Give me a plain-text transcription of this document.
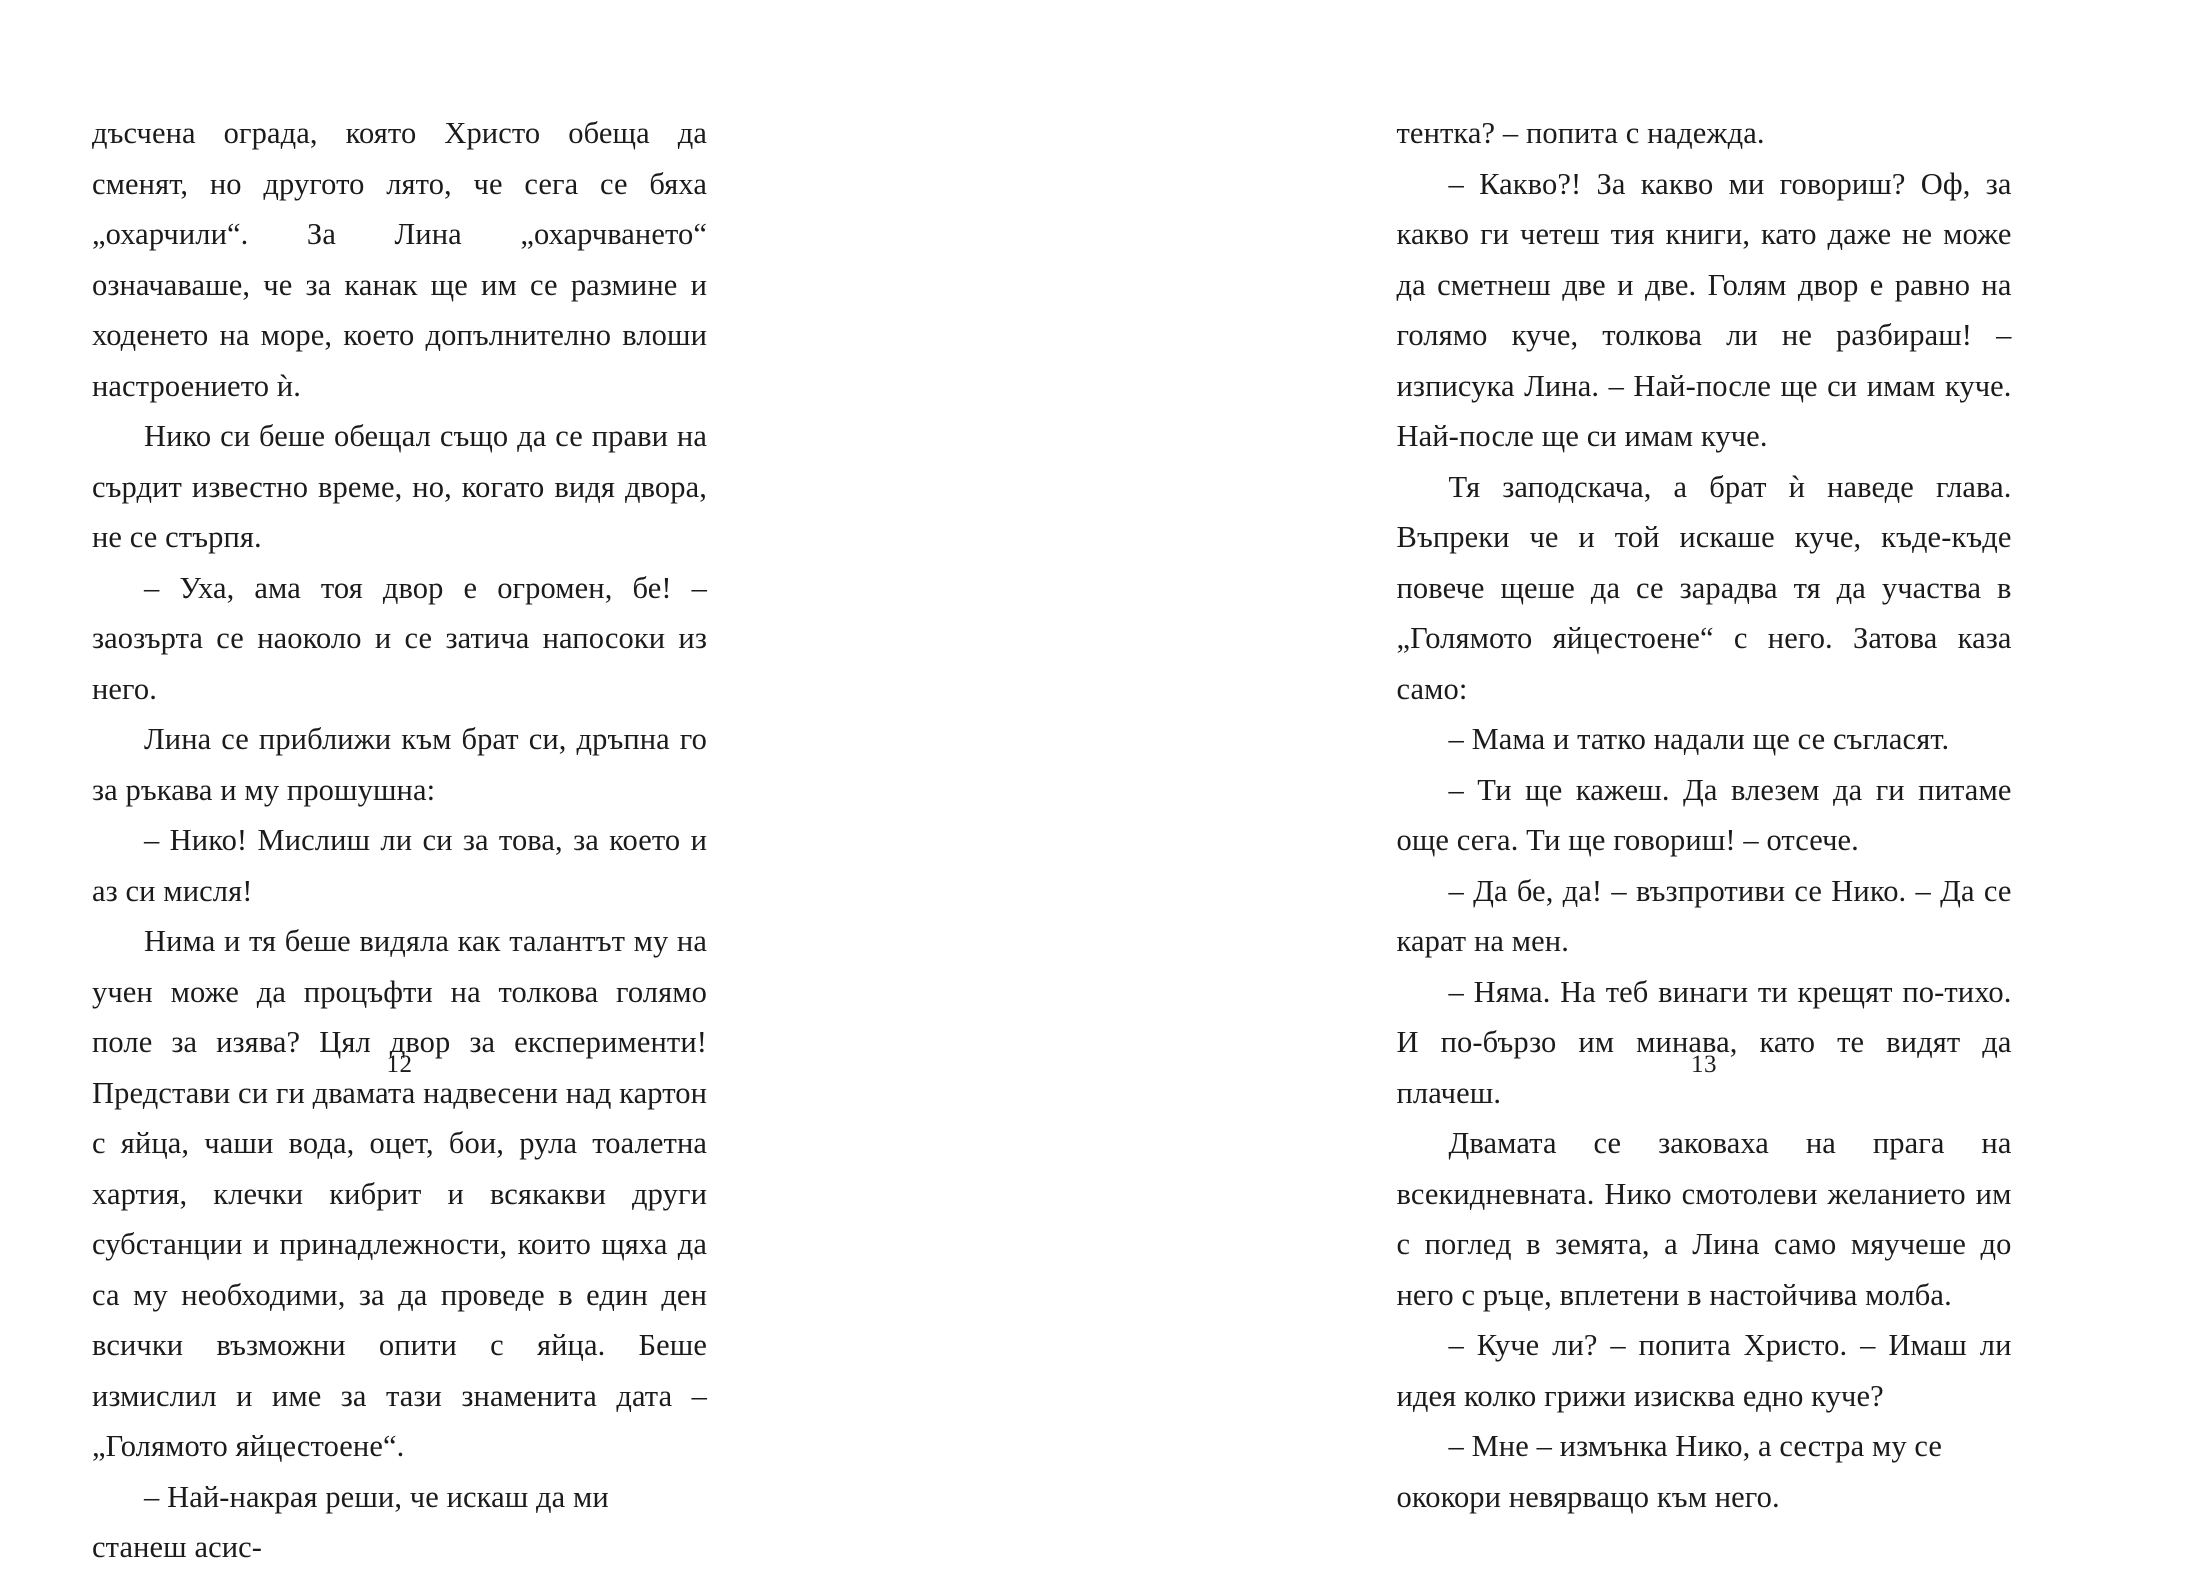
дъсчена ограда, която Христо обеща да сменят, но другото лято, че сега се бяха „охарчили“. За Лина „охарчването“ означаваше, че за канак ще им се размине и ходенето на море, което допълнително влоши настроението ѝ.

Нико си беше обещал също да се прави на сърдит известно време, но, когато видя двора, не се стърпя.

– Уха, ама тоя двор е огромен, бе! – заозърта се наоколо и се затича напосоки из него.

Лина се приближи към брат си, дръпна го за ръкава и му прошушна:

– Нико! Мислиш ли си за това, за което и аз си мисля!

Нима и тя беше видяла как талантът му на учен може да процъфти на толкова голямо поле за изява? Цял двор за експерименти! Представи си ги двамата надвесени над картон с яйца, чаши вода, оцет, бои, рула тоалетна хартия, клечки кибрит и всякакви други субстанции и принадлежности, които щяха да са му необходими, за да проведе в един ден всички възможни опити с яйца. Беше измислил и име за тази знаменита дата – „Голямото яйцестоене“.

– Най-накрая реши, че искаш да ми станеш асис-

12

тентка? – попита с надежда.

– Какво?! За какво ми говориш? Оф, за какво ги четеш тия книги, като даже не може да сметнеш две и две. Голям двор е равно на голямо куче, толкова ли не разбираш! – изписука Лина. – Най-после ще си имам куче. Най-после ще си имам куче.

Тя заподскача, а брат ѝ наведе глава. Въпреки че и той искаше куче, къде-къде повече щеше да се зарадва тя да участва в „Голямото яйцестоене“ с него. Затова каза само:

– Мама и татко надали ще се съгласят.

– Ти ще кажеш. Да влезем да ги питаме още сега. Ти ще говориш! – отсече.

– Да бе, да! – възпротиви се Нико. – Да се карат на мен.

– Няма. На теб винаги ти крещят по-тихо. И по-бързо им минава, като те видят да плачеш.

Двамата се заковаха на прага на всекидневната. Нико смотолеви желанието им с поглед в земята, а Лина само мяучеше до него с ръце, вплетени в настойчива молба.

– Куче ли? – попита Христо. – Имаш ли идея колко грижи изисква едно куче?

– Мне – измънка Нико, а сестра му се ококори невярващо към него.

13
